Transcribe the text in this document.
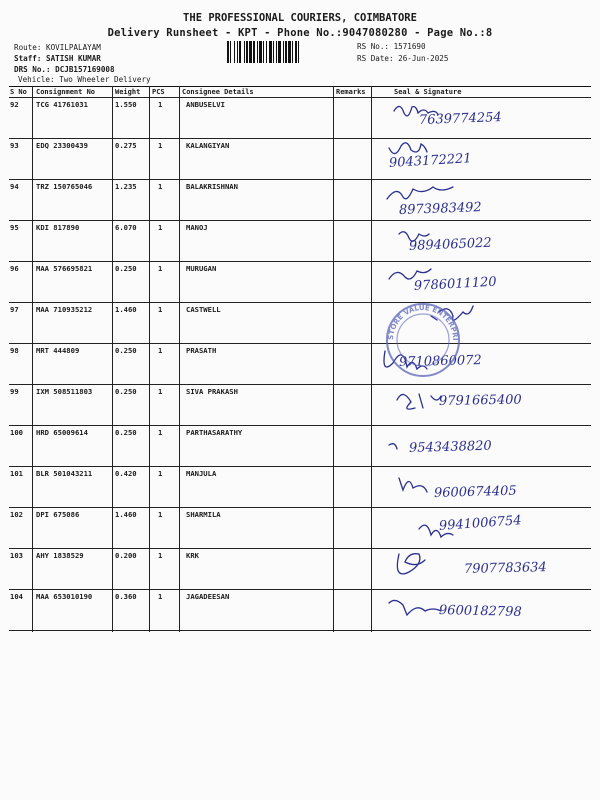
THE PROFESSIONAL COURIERS, COIMBATORE
Delivery Runsheet - KPT - Phone No.:9047080280 - Page No.:8
Route: KOVILPALAYAM
Staff: SATISH KUMAR
DRS No.: DCJB157169008
Vehicle: Two Wheeler Delivery
RS No.: 1571690
RS Date: 26-Jun-2025
S No Consignment No	Weight PCS Consignee Details	Remarks	Seal & Signature
92 TCG 41761031	1.550	1	ANBUSELVI
7639774254
93 EDQ 23300439	0.275	1	KALANGIYAN
9043172221
94 TRZ 150765046	1.235	1	BALAKRISHNAN
8973983492
95 KDI 817890	6.070	1	MANOJ
9894065022
96 MAA 576695821	0.250	1	MURUGAN
9786011120
97 MAA 710935212	1.460	1	CASTWELL
98 MRT 444809	0.250	1	PRASATH
9710860072
99 IXM 508511803	0.250	1	SIVA PRAKASH
9791665400
100 HRD 65009614	0.250	1	PARTHASARATHY
9543438820
101 BLR 501043211	0.420	1	MANJULA
9600674405
102 DPI 675086	1.460	1	SHARMILA	9941006754
103 AHY 1838529	0.200	1	KRK
7907783634
104 MAA 653010190	0.360	1	JAGADEESAN
9600182798
STORE VALUE ENTERPRI
